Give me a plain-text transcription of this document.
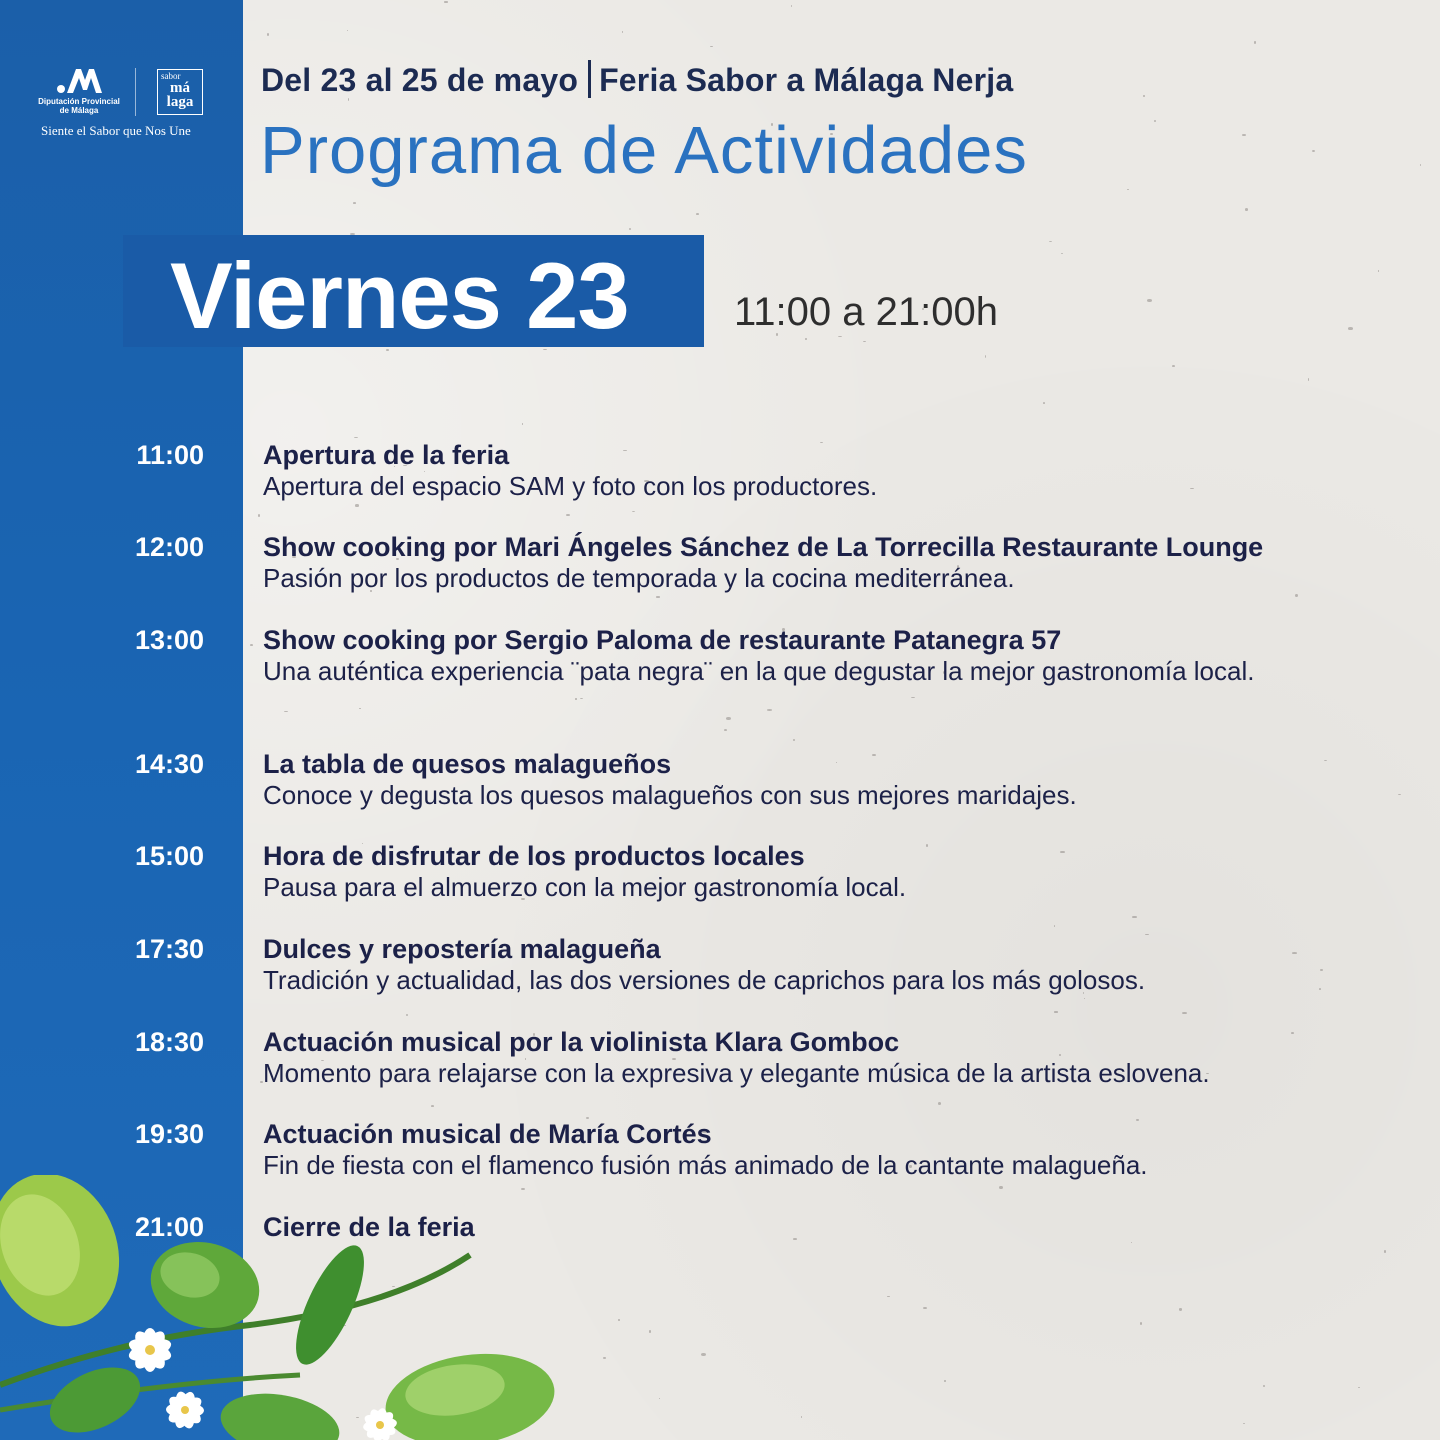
Diputación Provincial
de Málaga
sabor
má
laga
Siente el Sabor que Nos Une
Del 23 al 25 de mayo Feria Sabor a Málaga Nerja
Programa de Actividades
Viernes 23	11:00 a 21:00h
11:00 Apertura de la feria
Apertura del espacio SAM y foto con los productores.
12:00 Show cooking por Mari Ángeles Sánchez de La Torrecilla Restaurante Lounge
Pasión por los productos de temporada y la cocina mediterránea.
13:00 Show cooking por Sergio Paloma de restaurante Patanegra 57
Una auténtica experiencia ¨pata negra¨ en la que degustar la mejor gastronomía local.
14:30 La tabla de quesos malagueños
Conoce y degusta los quesos malagueños con sus mejores maridajes.
15:00 Hora de disfrutar de los productos locales
Pausa para el almuerzo con la mejor gastronomía local.
17:30 Dulces y repostería malagueña
Tradición y actualidad, las dos versiones de caprichos para los más golosos.
18:30 Actuación musical por la violinista Klara Gomboc
Momento para relajarse con la expresiva y elegante música de la artista eslovena.
19:30 Actuación musical de María Cortés
Fin de fiesta con el flamenco fusión más animado de la cantante malagueña.
21:00 Cierre de la feria
